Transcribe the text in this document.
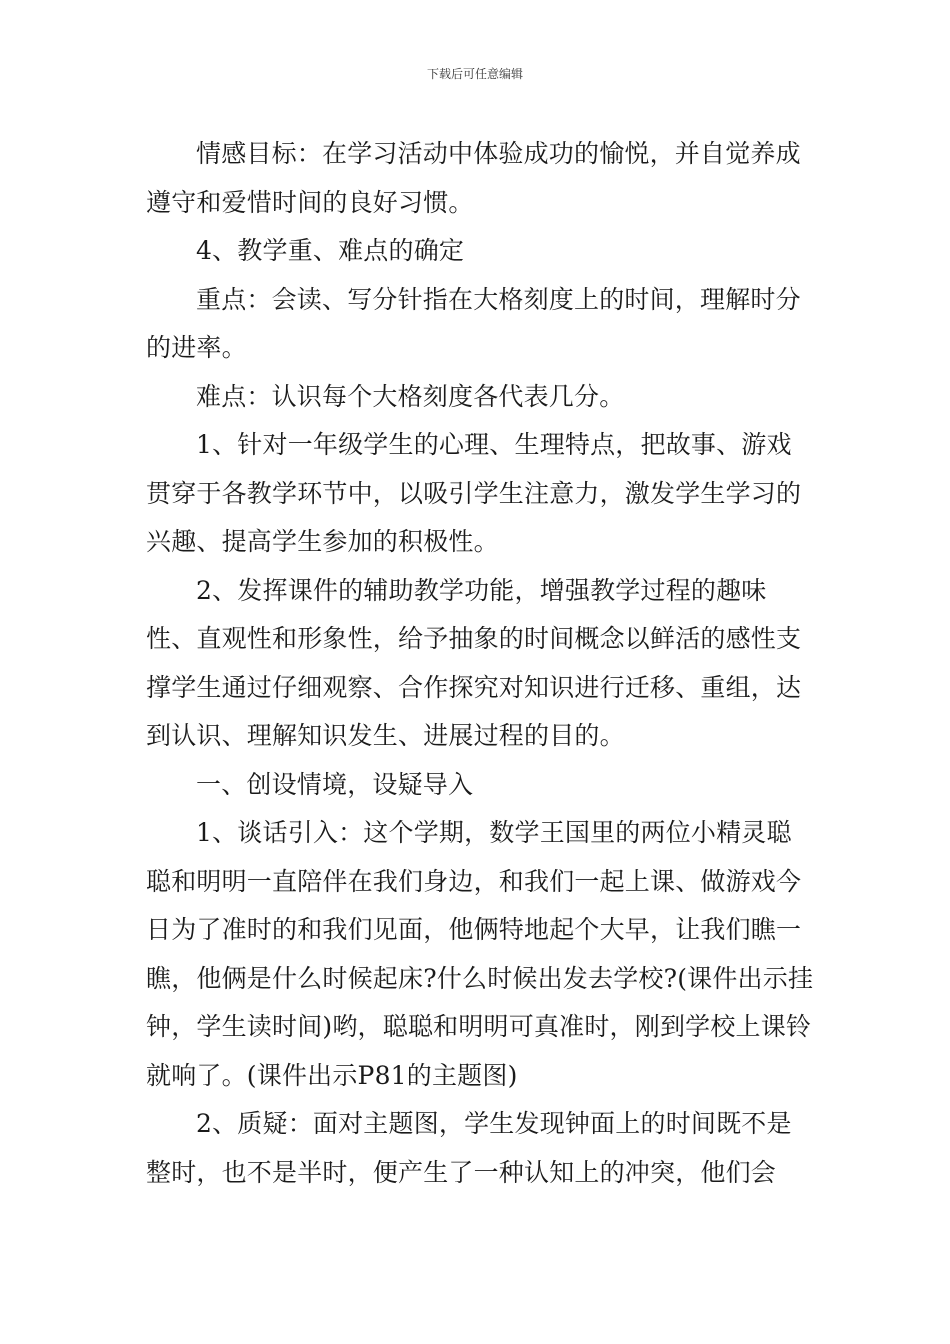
下载后可任意编辑

情感目标：在学习活动中体验成功的愉悦，并自觉养成遵守和爱惜时间的良好习惯。

4、教学重、难点的确定

重点：会读、写分针指在大格刻度上的时间，理解时分的进率。

难点：认识每个大格刻度各代表几分。

1、针对一年级学生的心理、生理特点，把故事、游戏贯穿于各教学环节中，以吸引学生注意力，激发学生学习的兴趣、提高学生参加的积极性。

2、发挥课件的辅助教学功能，增强教学过程的趣味性、直观性和形象性，给予抽象的时间概念以鲜活的感性支撑学生通过仔细观察、合作探究对知识进行迁移、重组，达到认识、理解知识发生、进展过程的目的。

一、创设情境，设疑导入

1、谈话引入：这个学期，数学王国里的两位小精灵聪聪和明明一直陪伴在我们身边，和我们一起上课、做游戏今日为了准时的和我们见面，他俩特地起个大早，让我们瞧一瞧，他俩是什么时候起床?什么时候出发去学校?(课件出示挂钟，学生读时间)哟，聪聪和明明可真准时，刚到学校上课铃就响了。(课件出示P81的主题图)

2、质疑：面对主题图，学生发现钟面上的时间既不是整时，也不是半时，便产生了一种认知上的冲突，他们会
